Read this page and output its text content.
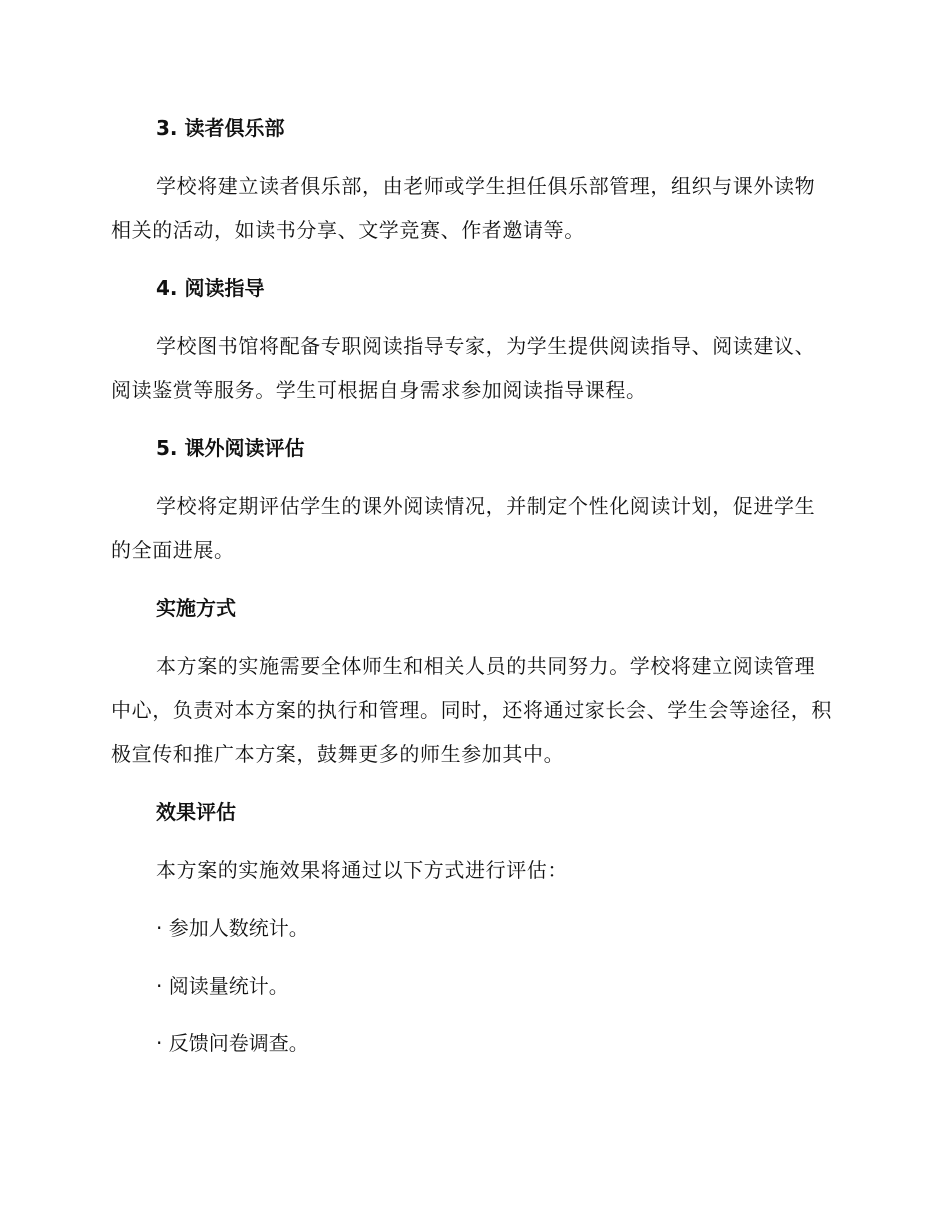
3. 读者俱乐部

学校将建立读者俱乐部，由老师或学生担任俱乐部管理，组织与课外读物相关的活动，如读书分享、文学竞赛、作者邀请等。

4. 阅读指导

学校图书馆将配备专职阅读指导专家，为学生提供阅读指导、阅读建议、阅读鉴赏等服务。学生可根据自身需求参加阅读指导课程。

5. 课外阅读评估

学校将定期评估学生的课外阅读情况，并制定个性化阅读计划，促进学生的全面进展。

实施方式

本方案的实施需要全体师生和相关人员的共同努力。学校将建立阅读管理中心，负责对本方案的执行和管理。同时，还将通过家长会、学生会等途径，积极宣传和推广本方案，鼓舞更多的师生参加其中。

效果评估

本方案的实施效果将通过以下方式进行评估：

· 参加人数统计。
· 阅读量统计。
· 反馈问卷调查。
